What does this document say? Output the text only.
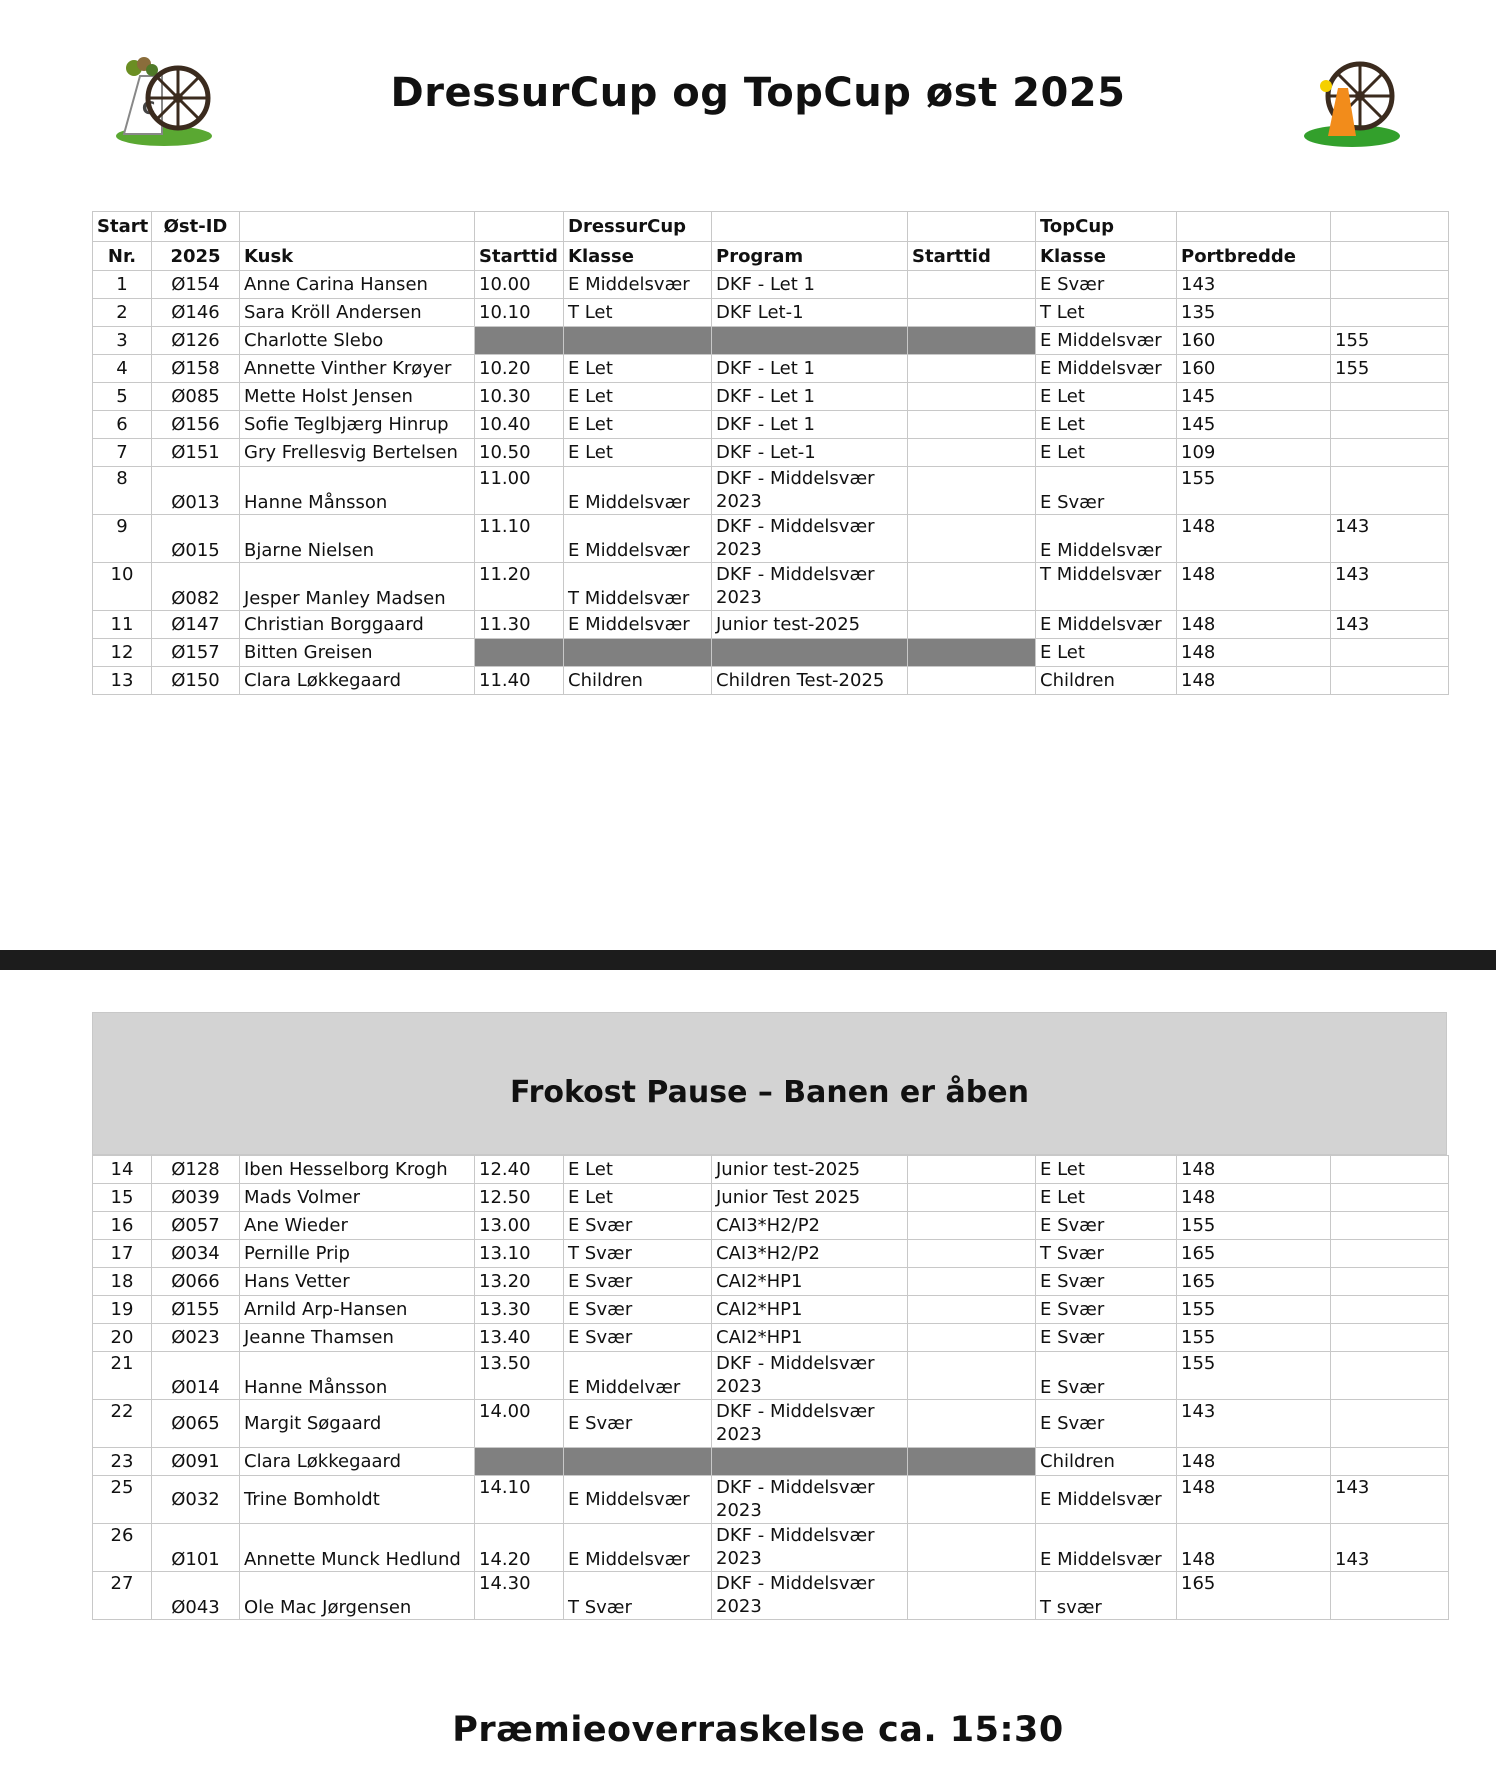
DressurCup og TopCup øst 2025
C
Start	Øst-ID			DressurCup			TopCup		
Nr.	2025	Kusk	Starttid	Klasse	Program	Starttid	Klasse	Portbredde	
1	Ø154	Anne Carina Hansen	10.00	E Middelsvær	DKF - Let 1		E Svær	143	
2	Ø146	Sara Kröll Andersen	10.10	T Let	DKF Let-1		T Let	135	
3	Ø126	Charlotte Slebo					E Middelsvær	160	155
4	Ø158	Annette Vinther Krøyer	10.20	E Let	DKF - Let 1		E Middelsvær	160	155
5	Ø085	Mette Holst Jensen	10.30	E Let	DKF - Let 1		E Let	145	
6	Ø156	Sofie Teglbjærg Hinrup	10.40	E Let	DKF - Let 1		E Let	145	
7	Ø151	Gry Frellesvig Bertelsen	10.50	E Let	DKF - Let-1		E Let	109	
8	Ø013	Hanne Månsson	11.00	E Middelsvær	DKF - Middelsvær 2023		E Svær	155	
9	Ø015	Bjarne Nielsen	11.10	E Middelsvær	DKF - Middelsvær 2023		E Middelsvær	148	143
10	Ø082	Jesper Manley Madsen	11.20	T Middelsvær	DKF - Middelsvær 2023		T Middelsvær	148	143
11	Ø147	Christian Borggaard	11.30	E Middelsvær	Junior test-2025		E Middelsvær	148	143
12	Ø157	Bitten Greisen					E Let	148	
13	Ø150	Clara Løkkegaard	11.40	Children	Children Test-2025		Children	148	
Frokost Pause – Banen er åben
14	Ø128	Iben Hesselborg Krogh	12.40	E Let	Junior test-2025		E Let	148	
15	Ø039	Mads Volmer	12.50	E Let	Junior Test 2025		E Let	148	
16	Ø057	Ane Wieder	13.00	E Svær	CAI3*H2/P2		E Svær	155	
17	Ø034	Pernille Prip	13.10	T Svær	CAI3*H2/P2		T Svær	165	
18	Ø066	Hans Vetter	13.20	E Svær	CAI2*HP1		E Svær	165	
19	Ø155	Arnild Arp-Hansen	13.30	E Svær	CAI2*HP1		E Svær	155	
20	Ø023	Jeanne Thamsen	13.40	E Svær	CAI2*HP1		E Svær	155	
21	Ø014	Hanne Månsson	13.50	E Middelvær	DKF - Middelsvær 2023		E Svær	155	
22	Ø065	Margit Søgaard	14.00	E Svær	DKF - Middelsvær 2023		E Svær	143	
23	Ø091	Clara Løkkegaard					Children	148	
25	Ø032	Trine Bomholdt	14.10	E Middelsvær	DKF - Middelsvær 2023		E Middelsvær	148	143
26	Ø101	Annette Munck Hedlund	14.20	E Middelsvær	DKF - Middelsvær 2023		E Middelsvær	148	143
27	Ø043	Ole Mac Jørgensen	14.30	T Svær	DKF - Middelsvær 2023		T svær	165	
Præmieoverraskelse ca. 15:30
